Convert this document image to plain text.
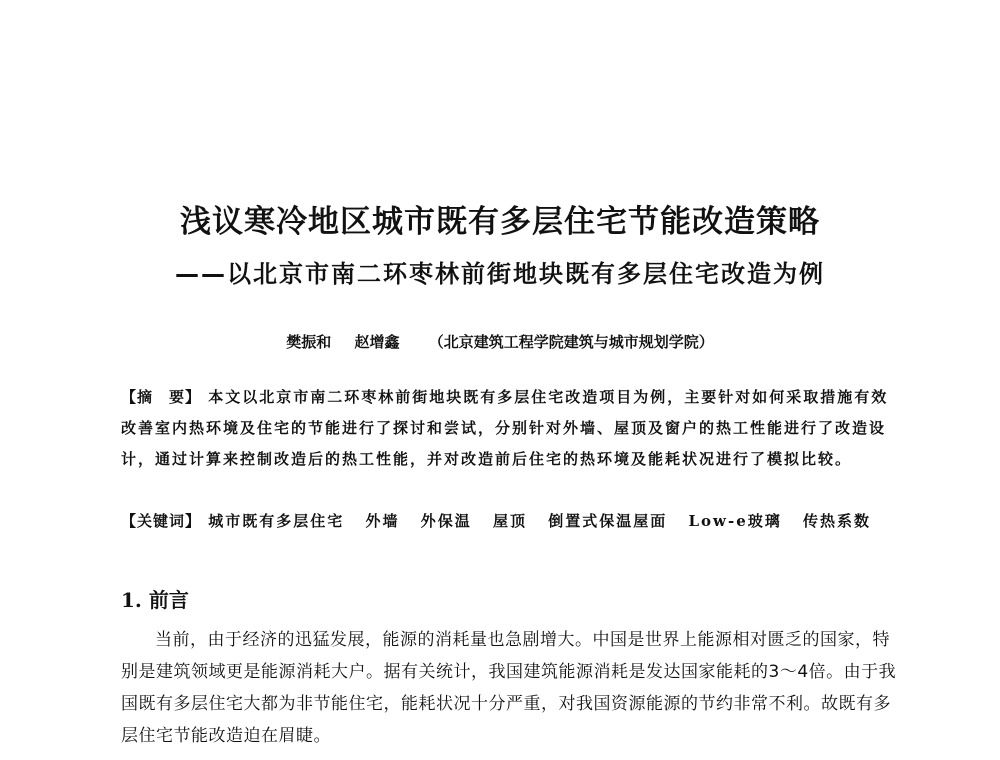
浅议寒冷地区城市既有多层住宅节能改造策略
——以北京市南二环枣林前街地块既有多层住宅改造为例
樊振和 赵增鑫 （北京建筑工程学院建筑与城市规划学院）
【摘　要】 本文以北京市南二环枣林前街地块既有多层住宅改造项目为例，主要针对如何采取措施有效改善室内热环境及住宅的节能进行了探讨和尝试，分别针对外墙、屋顶及窗户的热工性能进行了改造设计，通过计算来控制改造后的热工性能，并对改造前后住宅的热环境及能耗状况进行了模拟比较。
【关键词】 城市既有多层住宅 外墙 外保温 屋顶 倒置式保温屋面 Low-e玻璃 传热系数
1. 前言

当前，由于经济的迅猛发展，能源的消耗量也急剧增大。中国是世界上能源相对匮乏的国家，特别是建筑领域更是能源消耗大户。据有关统计，我国建筑能源消耗是发达国家能耗的3～4倍。由于我国既有多层住宅大都为非节能住宅，能耗状况十分严重，对我国资源能源的节约非常不利。故既有多层住宅节能改造迫在眉睫。
